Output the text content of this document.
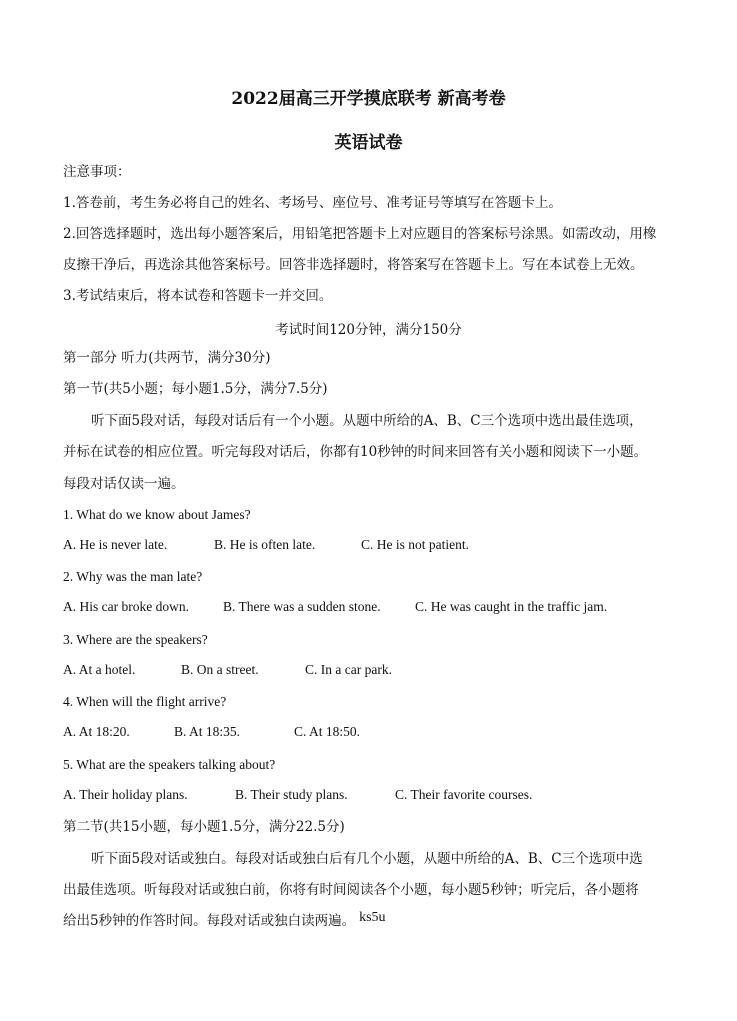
2022届高三开学摸底联考 新高考卷
英语试卷
注意事项：
1.答卷前，考生务必将自己的姓名、考场号、座位号、准考证号等填写在答题卡上。
2.回答选择题时，选出每小题答案后，用铅笔把答题卡上对应题目的答案标号涂黑。如需改动，用橡
皮擦干净后，再选涂其他答案标号。回答非选择题时，将答案写在答题卡上。写在本试卷上无效。
3.考试结束后，将本试卷和答题卡一并交回。
考试时间120分钟，满分150分
第一部分 听力(共两节，满分30分)
第一节(共5小题；每小题1.5分，满分7.5分)
听下面5段对话，每段对话后有一个小题。从题中所给的A、B、C三个选项中选出最佳选项，
并标在试卷的相应位置。听完每段对话后，你都有10秒钟的时间来回答有关小题和阅读下一小题。
每段对话仅读一遍。
1. What do we know about James?
A. He is never late.	B. He is often late.	C. He is not patient.
2. Why was the man late?
A. His car broke down.	B. There was a sudden stone.	C. He was caught in the traffic jam.
3. Where are the speakers?
A. At a hotel.	B. On a street.	C. In a car park.
4. When will the flight arrive?
A. At 18:20.	B. At 18:35.	C. At 18:50.
5. What are the speakers talking about?
A. Their holiday plans.	B. Their study plans.	C. Their favorite courses.
第二节(共15小题，每小题1.5分，满分22.5分)
听下面5段对话或独白。每段对话或独白后有几个小题，从题中所给的A、B、C三个选项中选
出最佳选项。听每段对话或独白前，你将有时间阅读各个小题，每小题5秒钟；听完后，各小题将
给出5秒钟的作答时间。每段对话或独白读两遍。 ks5u
